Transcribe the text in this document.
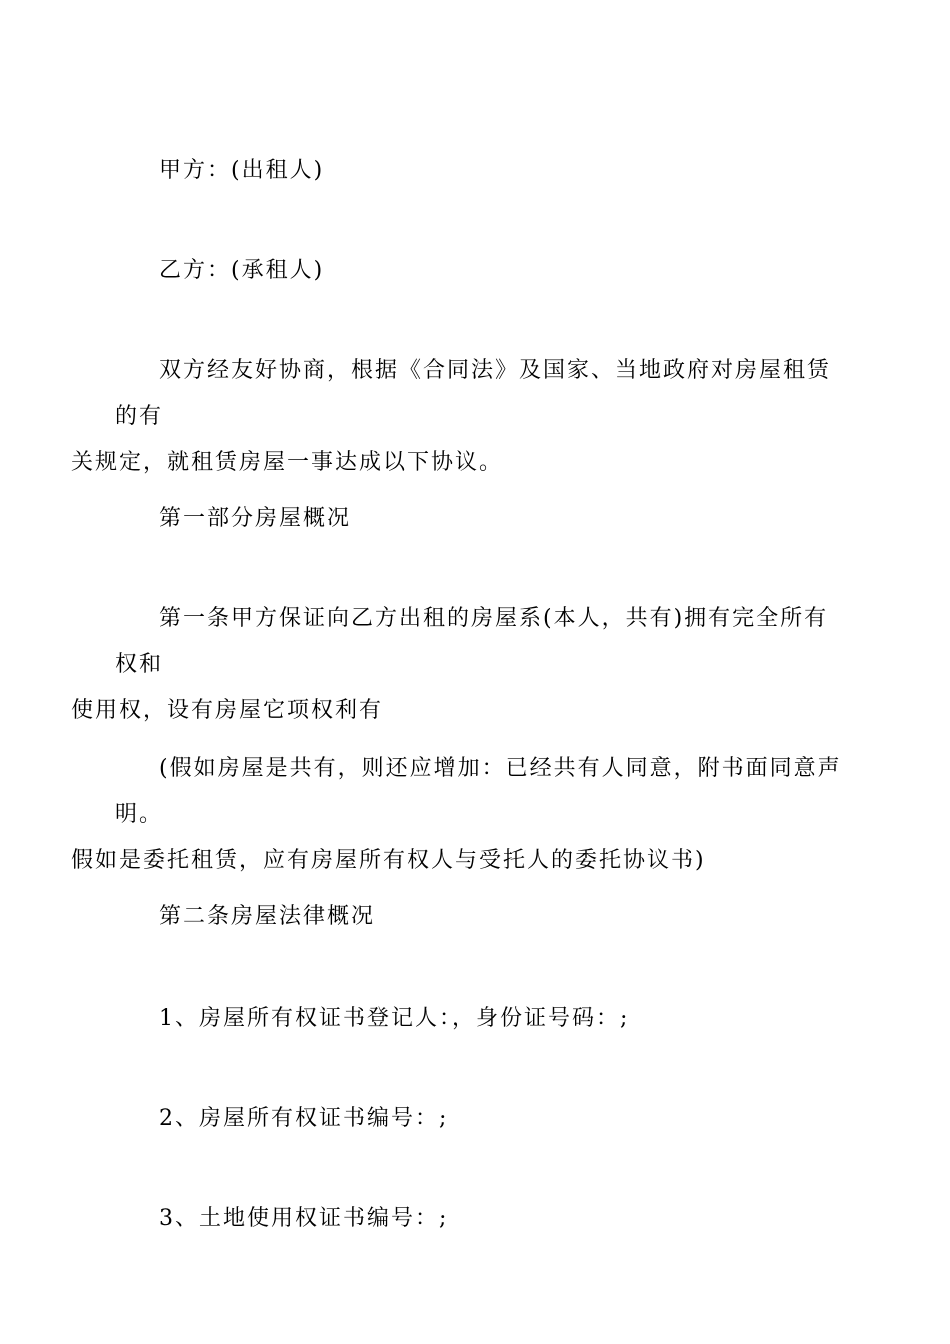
甲方：(出租人)

乙方：(承租人)

双方经友好协商，根据《合同法》及国家、当地政府对房屋租赁的有
关规定，就租赁房屋一事达成以下协议。

第一部分房屋概况

第一条甲方保证向乙方出租的房屋系(本人，共有)拥有完全所有权和
使用权，设有房屋它项权利有

(假如房屋是共有，则还应增加：已经共有人同意，附书面同意声明。
假如是委托租赁，应有房屋所有权人与受托人的委托协议书)

第二条房屋法律概况

1、房屋所有权证书登记人：，身份证号码：;

2、房屋所有权证书编号：;

3、土地使用权证书编号：;
